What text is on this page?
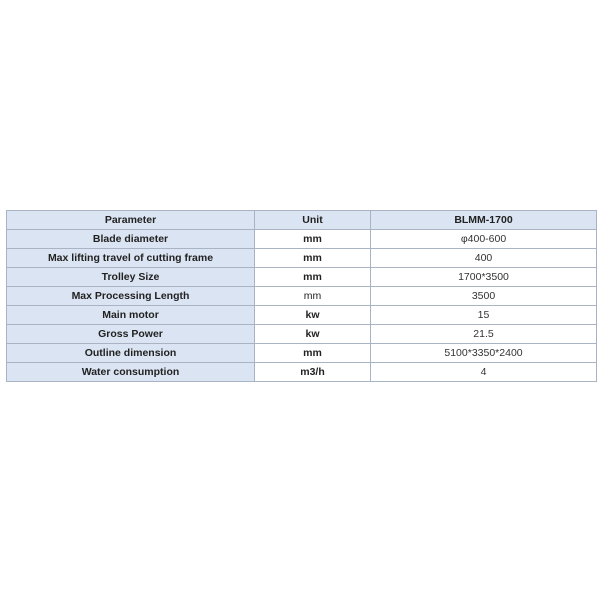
Parameter	Unit	BLMM-1700
Blade diameter	mm	φ400-600
Max lifting travel of cutting frame	mm	400
Trolley Size	mm	1700*3500
Max Processing Length	mm	3500
Main motor	kw	15
Gross Power	kw	21.5
Outline dimension	mm	5100*3350*2400
Water consumption	m3/h	4
